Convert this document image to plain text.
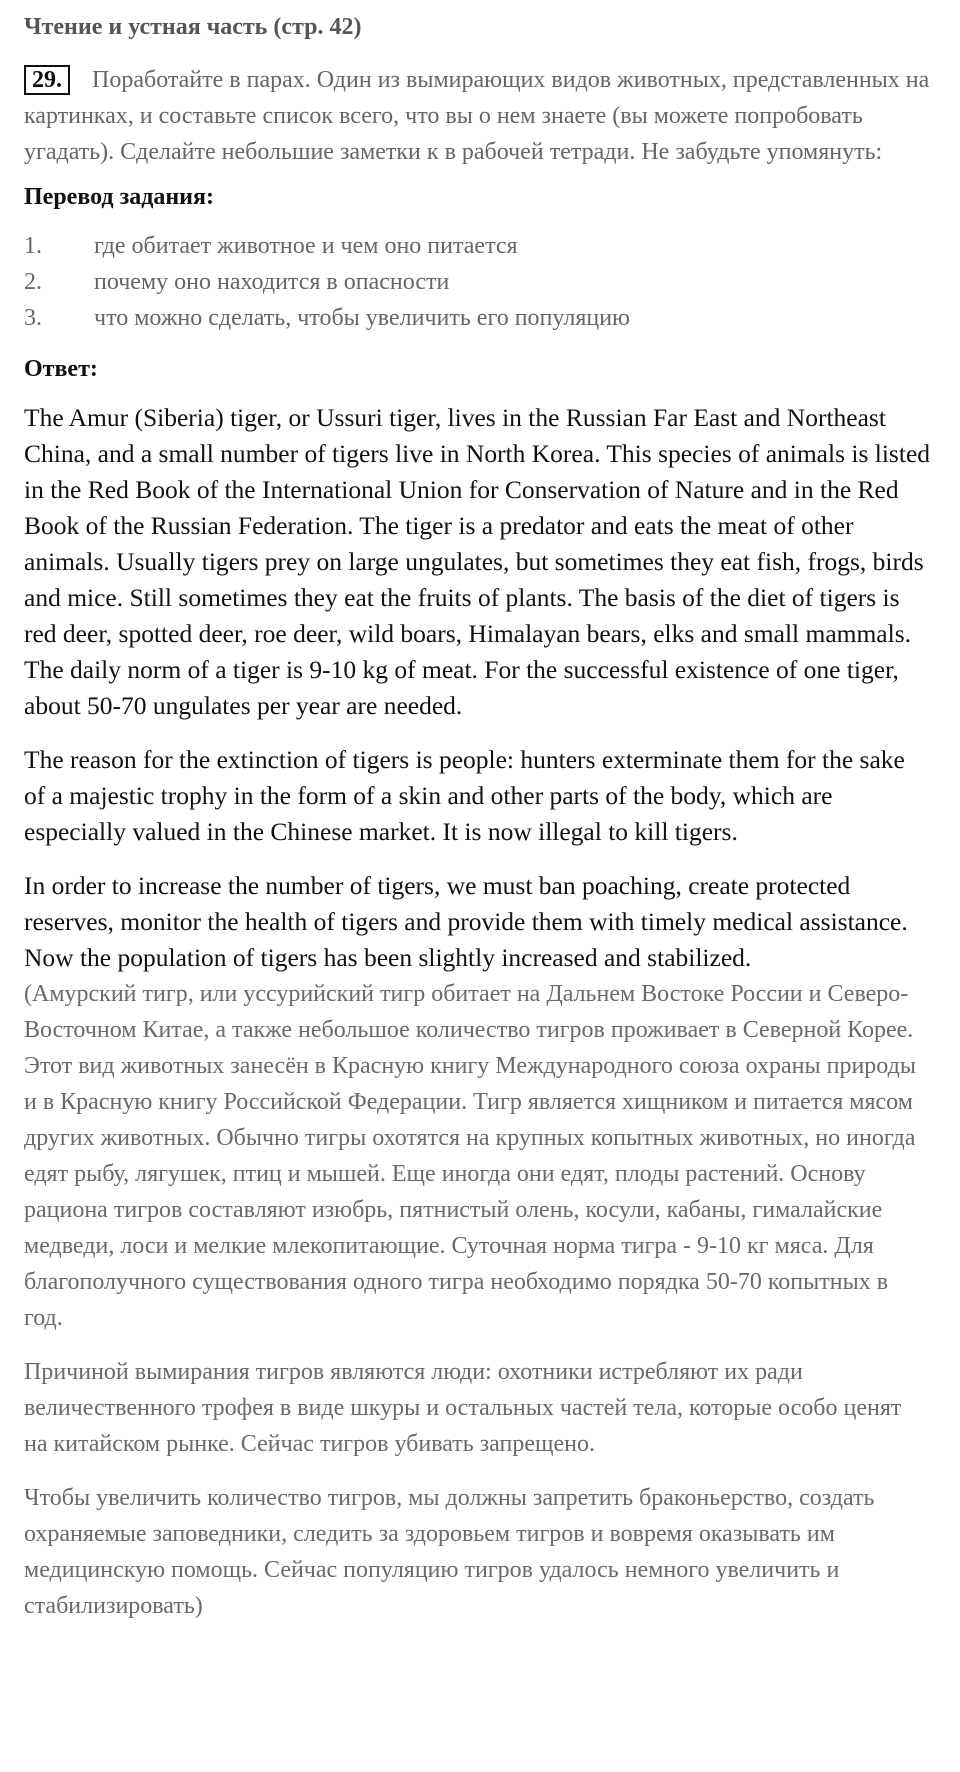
Чтение и устная часть (стр. 42)
29. Поработайте в парах. Один из вымирающих видов животных, представленных на картинках, и составьте список всего, что вы о нем знаете (вы можете попробовать угадать). Сделайте небольшие заметки к в рабочей тетради. Не забудьте упомянуть:
Перевод задания:
1.	где обитает животное и чем оно питается
2.	почему оно находится в опасности
3.	что можно сделать, чтобы увеличить его популяцию
Ответ:

The Amur (Siberia) tiger, or Ussuri tiger, lives in the Russian Far East and Northeast China, and a small number of tigers live in North Korea. This species of animals is listed in the Red Book of the International Union for Conservation of Nature and in the Red Book of the Russian Federation. The tiger is a predator and eats the meat of other animals. Usually tigers prey on large ungulates, but sometimes they eat fish, frogs, birds and mice. Still sometimes they eat the fruits of plants. The basis of the diet of tigers is red deer, spotted deer, roe deer, wild boars, Himalayan bears, elks and small mammals. The daily norm of a tiger is 9-10 kg of meat. For the successful existence of one tiger, about 50-70 ungulates per year are needed.

The reason for the extinction of tigers is people: hunters exterminate them for the sake of a majestic trophy in the form of a skin and other parts of the body, which are especially valued in the Chinese market. It is now illegal to kill tigers.

In order to increase the number of tigers, we must ban poaching, create protected reserves, monitor the health of tigers and provide them with timely medical assistance. Now the population of tigers has been slightly increased and stabilized.

(Амурский тигр, или уссурийский тигр обитает на Дальнем Востоке России и Северо-Восточном Китае, а также небольшое количество тигров проживает в Северной Корее. Этот вид животных занесён в Красную книгу Международного союза охраны природы и в Красную книгу Российской Федерации. Тигр является хищником и питается мясом других животных. Обычно тигры охотятся на крупных копытных животных, но иногда едят рыбу, лягушек, птиц и мышей. Еще иногда они едят, плоды растений. Основу рациона тигров составляют изюбрь, пятнистый олень, косули, кабаны, гималайские медведи, лоси и мелкие млекопитающие. Суточная норма тигра - 9-10 кг мяса. Для благополучного существования одного тигра необходимо порядка 50-70 копытных в год.

Причиной вымирания тигров являются люди: охотники истребляют их ради величественного трофея в виде шкуры и остальных частей тела, которые особо ценят на китайском рынке. Сейчас тигров убивать запрещено.

Чтобы увеличить количество тигров, мы должны запретить браконьерство, создать охраняемые заповедники, следить за здоровьем тигров и вовремя оказывать им медицинскую помощь. Сейчас популяцию тигров удалось немного увеличить и стабилизировать)
